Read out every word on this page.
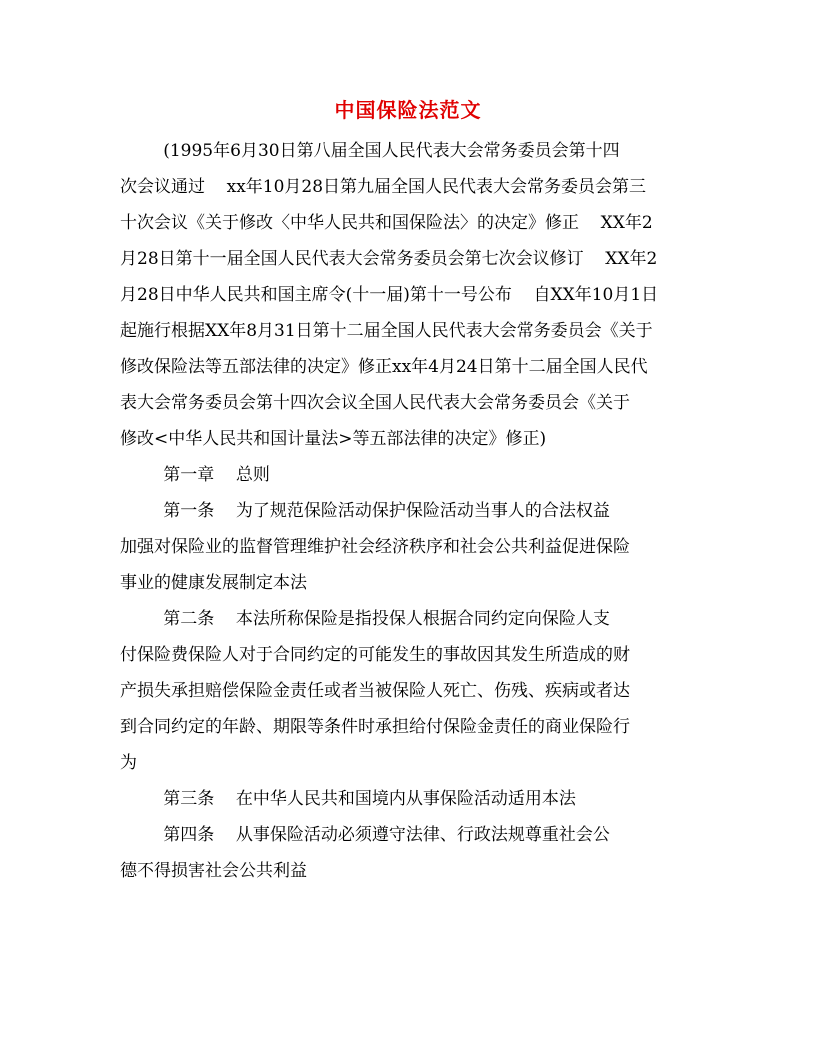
中国保险法范文
(1995年6月30日第八届全国人民代表大会常务委员会第十四
次会议通过    xx年10月28日第九届全国人民代表大会常务委员会第三
十次会议《关于修改〈中华人民共和国保险法〉的决定》修正    XX年2
月28日第十一届全国人民代表大会常务委员会第七次会议修订    XX年2
月28日中华人民共和国主席令(十一届)第十一号公布    自XX年10月1日
起施行根据XX年8月31日第十二届全国人民代表大会常务委员会《关于
修改保险法等五部法律的决定》修正xx年4月24日第十二届全国人民代
表大会常务委员会第十四次会议全国人民代表大会常务委员会《关于
修改<中华人民共和国计量法>等五部法律的决定》修正)
第一章    总则
第一条    为了规范保险活动保护保险活动当事人的合法权益
加强对保险业的监督管理维护社会经济秩序和社会公共利益促进保险
事业的健康发展制定本法
第二条    本法所称保险是指投保人根据合同约定向保险人支
付保险费保险人对于合同约定的可能发生的事故因其发生所造成的财
产损失承担赔偿保险金责任或者当被保险人死亡、伤残、疾病或者达
到合同约定的年龄、期限等条件时承担给付保险金责任的商业保险行
为
第三条    在中华人民共和国境内从事保险活动适用本法
第四条    从事保险活动必须遵守法律、行政法规尊重社会公
德不得损害社会公共利益
